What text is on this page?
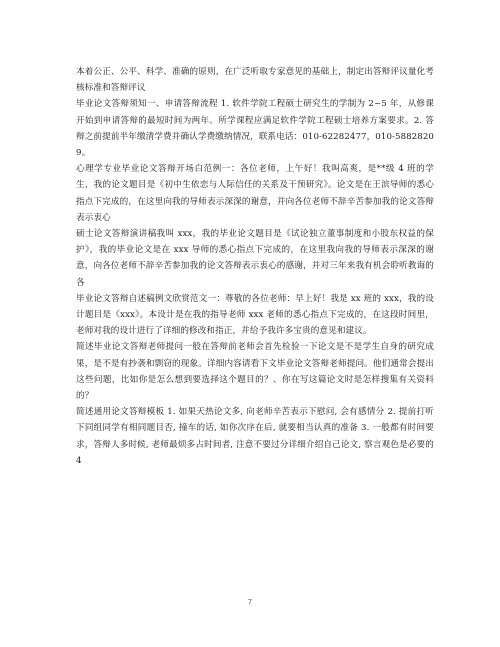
本着公正、公平、科学、准确的原则，在广泛听取专家意见的基础上，制定出答辩评议量化考核标准和答辩评议

毕业论文答辩须知一、申请答辩流程 1. 软件学院工程硕士研究生的学制为 2~5 年，从修课开始到申请答辩的最短时间为两年。所学课程应满足软件学院工程硕士培养方案要求。2. 答辩之前提前半年缴清学费并确认学费缴纳情况，联系电话：010-62282477，010-58828209。

心理学专业毕业论文答辩开场白范例一：各位老师，上午好！我叫高爽，是**级 4 班的学生，我的论文题目是《初中生依恋与人际信任的关系及干预研究》。论文是在王滨导师的悉心指点下完成的，在这里向我的导师表示深深的谢意，并向各位老师不辞辛苦参加我的论文答辩表示衷心

硕士论文答辩演讲稿我叫 xxx，我的毕业论文题目是《试论独立董事制度和小股东权益的保护》，我的毕业论文是在 xxx 导师的悉心指点下完成的，在这里我向我的导师表示深深的谢意，向各位老师不辞辛苦参加我的论文答辩表示衷心的感谢，并对三年来我有机会聆听教诲的各

毕业论文答辩自述稿例文欣赏范文一：尊敬的各位老师：早上好！我是 xx 班的 xxx，我的设计题目是《xxx》。本设计是在我的指导老师 xxx 老师的悉心指点下完成的，在这段时间里，老师对我的设计进行了详细的修改和指正，并给予我许多宝贵的意见和建议。

简述毕业论文答辩老师提问一般在答辩前老师会首先检验一下论文是不是学生自身的研究成果，是不是有抄袭和剽窃的现象。详细内容请看下文毕业论文答辩老师提问。他们通常会提出这些问题，比如你是怎么想到要选择这个题目的？、你在写这篇论文时是怎样搜集有关资料的？

简述通用论文答辩模板 1. 如果天热论文多, 向老师辛苦表示下慰问, 会有感情分 2. 提前打听下同组同学有相同题目否, 撞车的话, 如你次序在后, 就要相当认真的准备 3. 一般都有时间要求，答辩人多时候, 老师最烦多占时间者, 注意不要过分详细介绍自己论文, 察言观色是必要的 4

7
